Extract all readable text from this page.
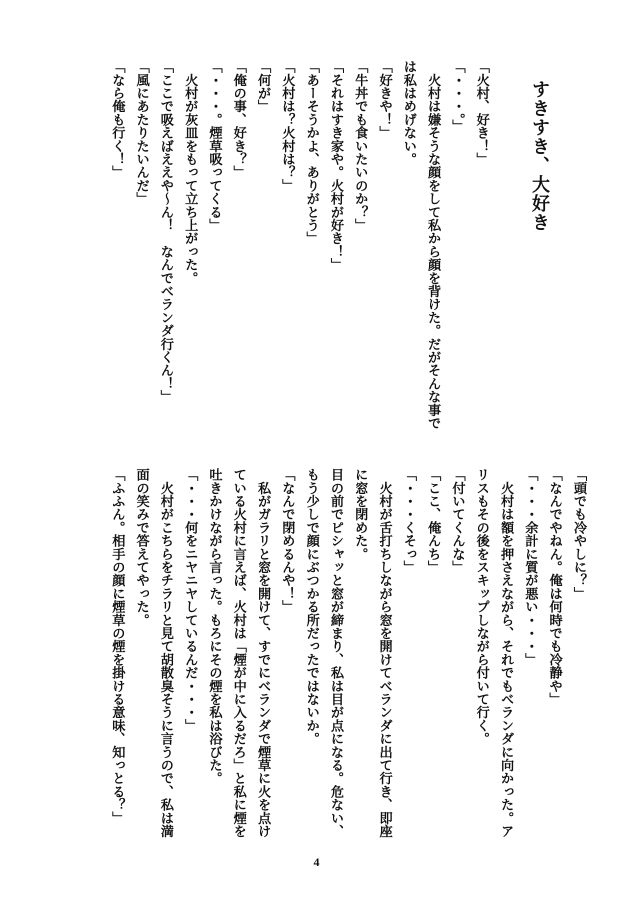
すきすき、大好き

「火村、好き！」

「・・・。」

　火村は嫌そうな顔をして私から顔を背けた。だがそんな事で

は私はめげない。

「好きや！」

「牛丼でも食いたいのか？」

「それはすき家や。火村が好き！」

「あーそうかよ、ありがとう」

「火村は？火村は？」

「何が」

「俺の事、好き？」

「・・・。煙草吸ってくる」

　火村が灰皿をもって立ち上がった。

「ここで吸えばええや～ん！　なんでベランダ行くん！」

「風にあたりたいんだ」

「なら俺も行く！」

「頭でも冷やしに？」

「なんでやねん。俺は何時でも冷静や」

「・・・余計に質が悪い・・・」

　火村は額を押さえながら、それでもベランダに向かった。ア

リスもその後をスキップしながら付いて行く。

「付いてくんな」

「ここ、俺んち」

「・・・くそっ」

　火村が舌打ちしながら窓を開けてベランダに出て行き、即座

に窓を閉めた。

目の前でピシャッと窓が締まり、私は目が点になる。危ない、

もう少しで顔にぶつかる所だったではないか。

「なんで閉めるんや！」

　私がガラリと窓を開けて、すでにベランダで煙草に火を点け

ている火村に言えば、火村は「煙が中に入るだろ」と私に煙を

吐きかけながら言った。もろにその煙を私は浴びた。

「・・・何をニヤニヤしているんだ・・・」

　火村がこちらをチラリと見て胡散臭そうに言うので、私は満

面の笑みで答えてやった。

「ふふん。相手の顔に煙草の煙を掛ける意味、知っとる？」

4
